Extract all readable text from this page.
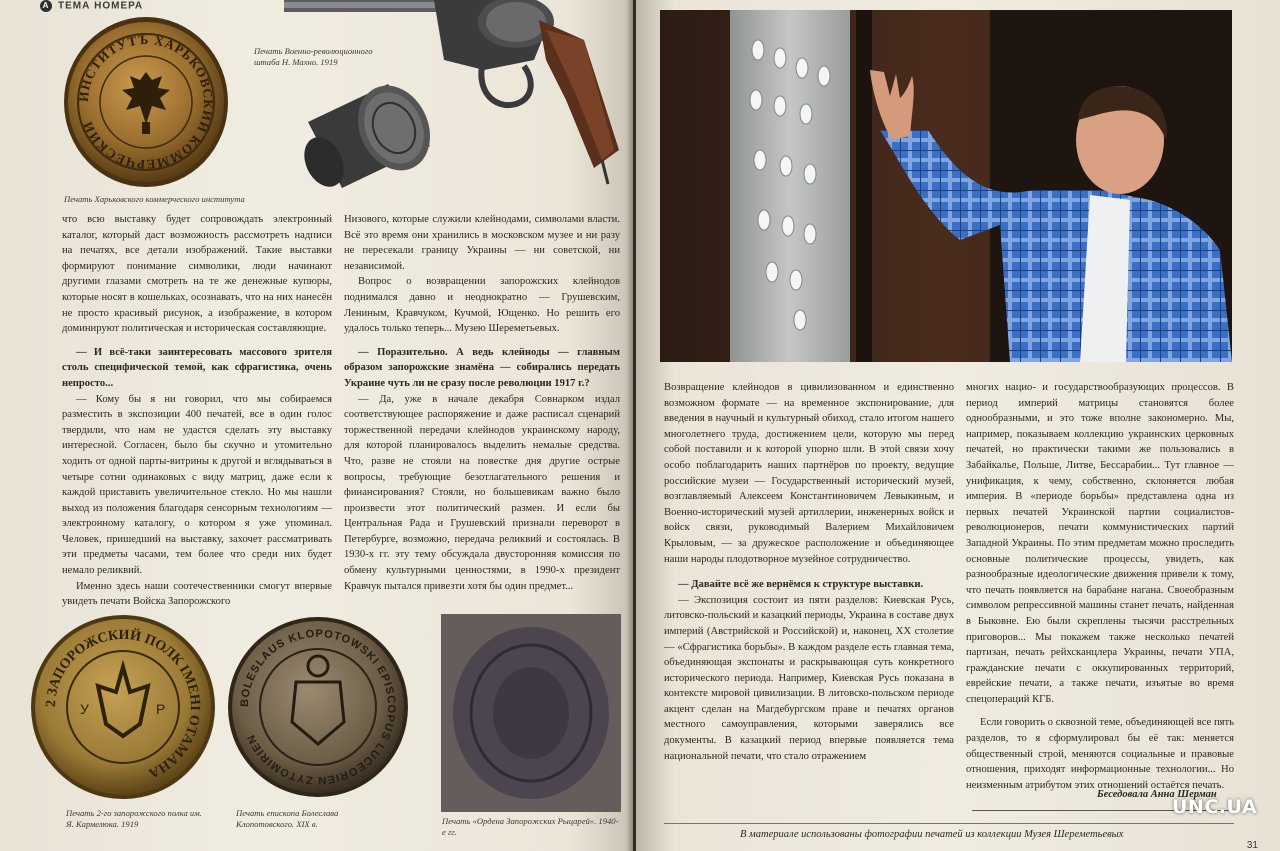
А ТЕМА НОМЕРА
ИНСТИТУТЪ ХАРЬКОВСКИЙ КОММЕРЧЕСКИЙ
Печать Харьковского коммерческого института
Печать Военно-революционного штаба Н. Махно. 1919

что всю выставку будет сопровождать электронный каталог, который даст возможность рассмотреть надписи на печатях, все детали изображений. Такие выставки формируют понимание символики, люди начинают другими глазами смотреть на те же денежные купюры, которые носят в кошельках, осознавать, что на них нанесён не просто красивый рисунок, а изображение, в котором доминируют политическая и историческая составляющие.

— И всё-таки заинтересовать массового зрителя столь специфической темой, как сфрагистика, очень непросто...

— Кому бы я ни говорил, что мы собираемся разместить в экспозиции 400 печатей, все в один голос твердили, что нам не удастся сделать эту выставку интересной. Согласен, было бы скучно и утомительно ходить от одной парты-витрины к другой и вглядываться в четыре сотни одинаковых с виду матриц, даже если к каждой приставить увеличительное стекло. Но мы нашли выход из положения благодаря сенсорным технологиям — электронному каталогу, о котором я уже упоминал. Человек, пришедший на выставку, захочет рассматривать эти предметы часами, тем более что среди них будет немало реликвий.

Именно здесь наши соотечественники смогут впервые увидеть печати Войска Запорожского

Низового, которые служили клейнодами, символами власти. Всё это время они хранились в московском музее и ни разу не пересекали границу Украины — ни советской, ни независимой.

Вопрос о возвращении запорожских клейнодов поднимался давно и неоднократно — Грушевским, Лениным, Кравчуком, Кучмой, Ющенко. Но решить его удалось только теперь... Музею Шереметьевых.

— Поразительно. А ведь клейноды — главным образом запорожские знамёна — собирались передать Украине чуть ли не сразу после революции 1917 г.?

— Да, уже в начале декабря Совнарком издал соответствующее распоряжение и даже расписал сценарий торжественной передачи клейнодов украинскому народу, для которой планировалось выделить немалые средства. Что, разве не стояли на повестке дня другие острые вопросы, требующие безотлагательного решения и финансирования? Стояли, но большевикам важно было произвести этот политический размен. И если бы Центральная Рада и Грушевский признали переворот в Петербурге, возможно, передача реликвий и состоялась. В 1930-х гг. эту тему обсуждала двусторонняя комиссия по обмену культурными ценностями, в 1990-х президент Кравчук пытался привезти хотя бы один предмет...

2 ЗАПОРОЖСКИЙ ПОЛК ІМЕНІ ОТАМАНА
У	Р
Печать 2-го запорожского полка им. Я. Кармелюка. 1919
BOLESLAUS KLOPOTOWSKI EPISCOPUS LUCEORIEN ZYTOMIRIEN
Печать епископа Болеслава Клопотовского. XIX в.	Печать «Ордена Запорожских Рыцарей». 1940-е гг.

Возвращение клейнодов в цивилизованном и единственно возможном формате — на временное экспонирование, для введения в научный и культурный обиход, стало итогом нашего многолетнего труда, достижением цели, которую мы перед собой поставили и к которой упорно шли. В этой связи хочу особо поблагодарить наших партнёров по проекту, ведущие российские музеи — Государственный исторический музей, возглавляемый Алексеем Константиновичем Левыкиным, и Военно-исторический музей артиллерии, инженерных войск и войск связи, руководимый Валерием Михайловичем Крыловым, — за дружеское расположение и объединяющее наши народы плодотворное музейное сотрудничество.

— Давайте всё же вернёмся к структуре выставки.

— Экспозиция состоит из пяти разделов: Киевская Русь, литовско-польский и казацкий периоды, Украина в составе двух империй (Австрийской и Российской) и, наконец, XX столетие — «Сфрагистика борьбы». В каждом разделе есть главная тема, объединяющая экспонаты и раскрывающая суть конкретного исторического периода. Например, Киевская Русь показана в контексте мировой цивилизации. В литовско-польском периоде акцент сделан на Магдебургском праве и печатях органов местного самоуправления, которыми заверялись все документы. В казацкий период впервые появляется тема национальной печати, что стало отражением

многих нацио- и государствообразующих процессов. В период империй матрицы становятся более однообразными, и это тоже вполне закономерно. Мы, например, показываем коллекцию украинских церковных печатей, но практически такими же пользовались в Забайкалье, Польше, Литве, Бессарабии... Тут главное — унификация, к чему, собственно, склоняется любая империя. В «периоде борьбы» представлена одна из первых печатей Украинской партии социалистов-революционеров, печати коммунистических партий Западной Украины. По этим предметам можно проследить основные политические процессы, увидеть, как разнообразные идеологические движения привели к тому, что печать появляется на барабане нагана. Своеобразным символом репрессивной машины станет печать, найденная в Быковне. Ею были скреплены тысячи расстрельных приговоров... Мы покажем также несколько печатей партизан, печать рейхсканцлера Украины, печати УПА, гражданские печати с оккупированных территорий, еврейские печати, а также печати, изъятые во время спецопераций КГБ.

Если говорить о сквозной теме, объединяющей все пять разделов, то я сформулировал бы её так: меняется общественный строй, меняются социальные и правовые отношения, приходят информационные технологии... Но неизменным атрибутом этих отношений остаётся печать.

Беседовала Анна Шерман
В материале использованы фотографии печатей из коллекции Музея Шереметьевых
31
UNC.UA
